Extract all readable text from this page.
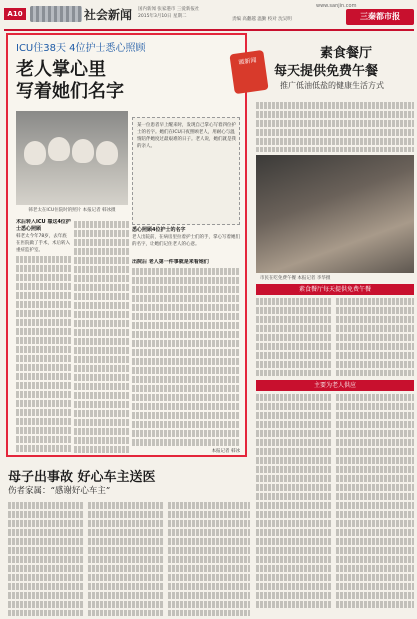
A10	社会新闻 国内新闻 张家港市 三爱新报社
2015年3月10日 星期二
责编 高翻越 温勤 校对 沈吴明
www.sanjin.com
三秦都市报
ICU住38天 4位护士悉心照顾
老人掌心里
写着她们名字
韩老太在ICU住院时的照片 本报记者 韩冰摄
某一位患者早上醒来时，发现自己掌心写着四位护士的名字。她们在ICU日夜照顾老人，用耐心与温情陪伴她度过最艰难的日子。老人说，她们就是我的亲人。
悉心照顾4位护士的名字
老人出院前，在病房里拉着护士们的手，掌心写着她们的名字，让她们记住老人的心意。
术后转入ICU 靠这4位护士悉心照顾
韩老太今年78岁，去年底在医院做了手术，术后转入重症监护室。
出院后 老人第一件事就是来看她们
本报记者 韩冰
暖新闻
素食餐厅
每天提供免费午餐
推广低油低盐的健康生活方式
市民在吃免费午餐 本报记者 李华摄
素食餐厅每天提供免费午餐
主要为老人供应
母子出事故 好心车主送医
伤者家属：“感谢好心车主”
